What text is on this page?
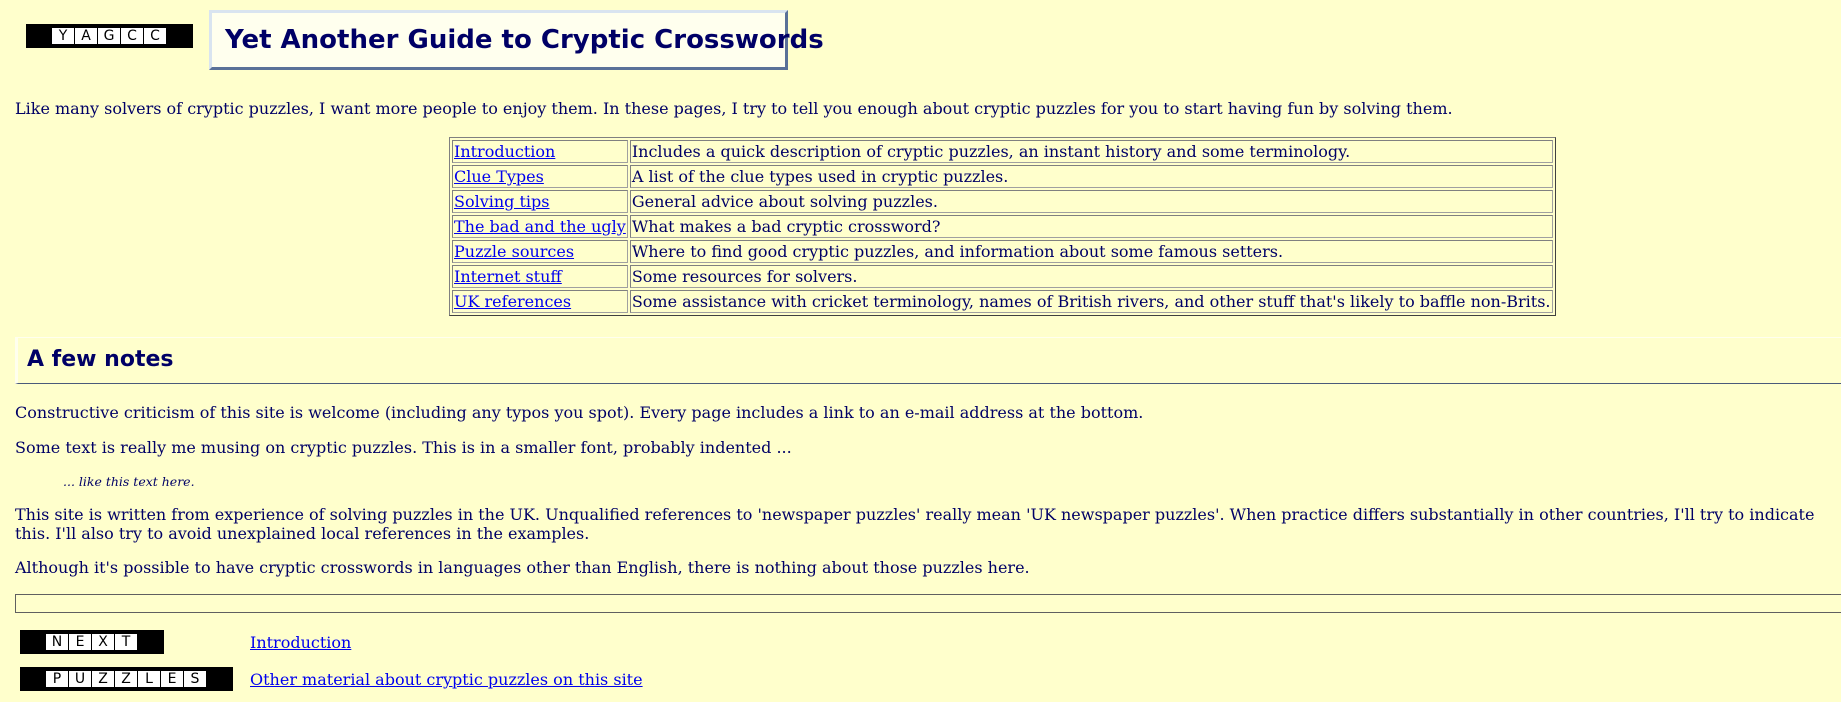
Y A G C C	Yet Another Guide to Cryptic Crosswords

Like many solvers of cryptic puzzles, I want more people to enjoy them. In these pages, I try to tell you enough about cryptic puzzles for you to start having fun by solving them.

Introduction	Includes a quick description of cryptic puzzles, an instant history and some terminology.
Clue Types	A list of the clue types used in cryptic puzzles.
Solving tips	General advice about solving puzzles.
The bad and the ugly	What makes a bad cryptic crossword?
Puzzle sources	Where to find good cryptic puzzles, and information about some famous setters.
Internet stuff	Some resources for solvers.
UK references	Some assistance with cricket terminology, names of British rivers, and other stuff that's likely to baffle non-Brits.
A few notes

Constructive criticism of this site is welcome (including any typos you spot). Every page includes a link to an e-mail address at the bottom.

Some text is really me musing on cryptic puzzles. This is in a smaller font, probably indented ...

... like this text here.

This site is written from experience of solving puzzles in the UK. Unqualified references to 'newspaper puzzles' really mean 'UK newspaper puzzles'. When practice differs substantially in other countries, I'll try to indicate this. I'll also try to avoid unexplained local references in the examples.

Although it's possible to have cryptic crosswords in languages other than English, there is nothing about those puzzles here.

N E X T	Introduction
P U Z Z	L	E	S	Other material about cryptic puzzles on this site
